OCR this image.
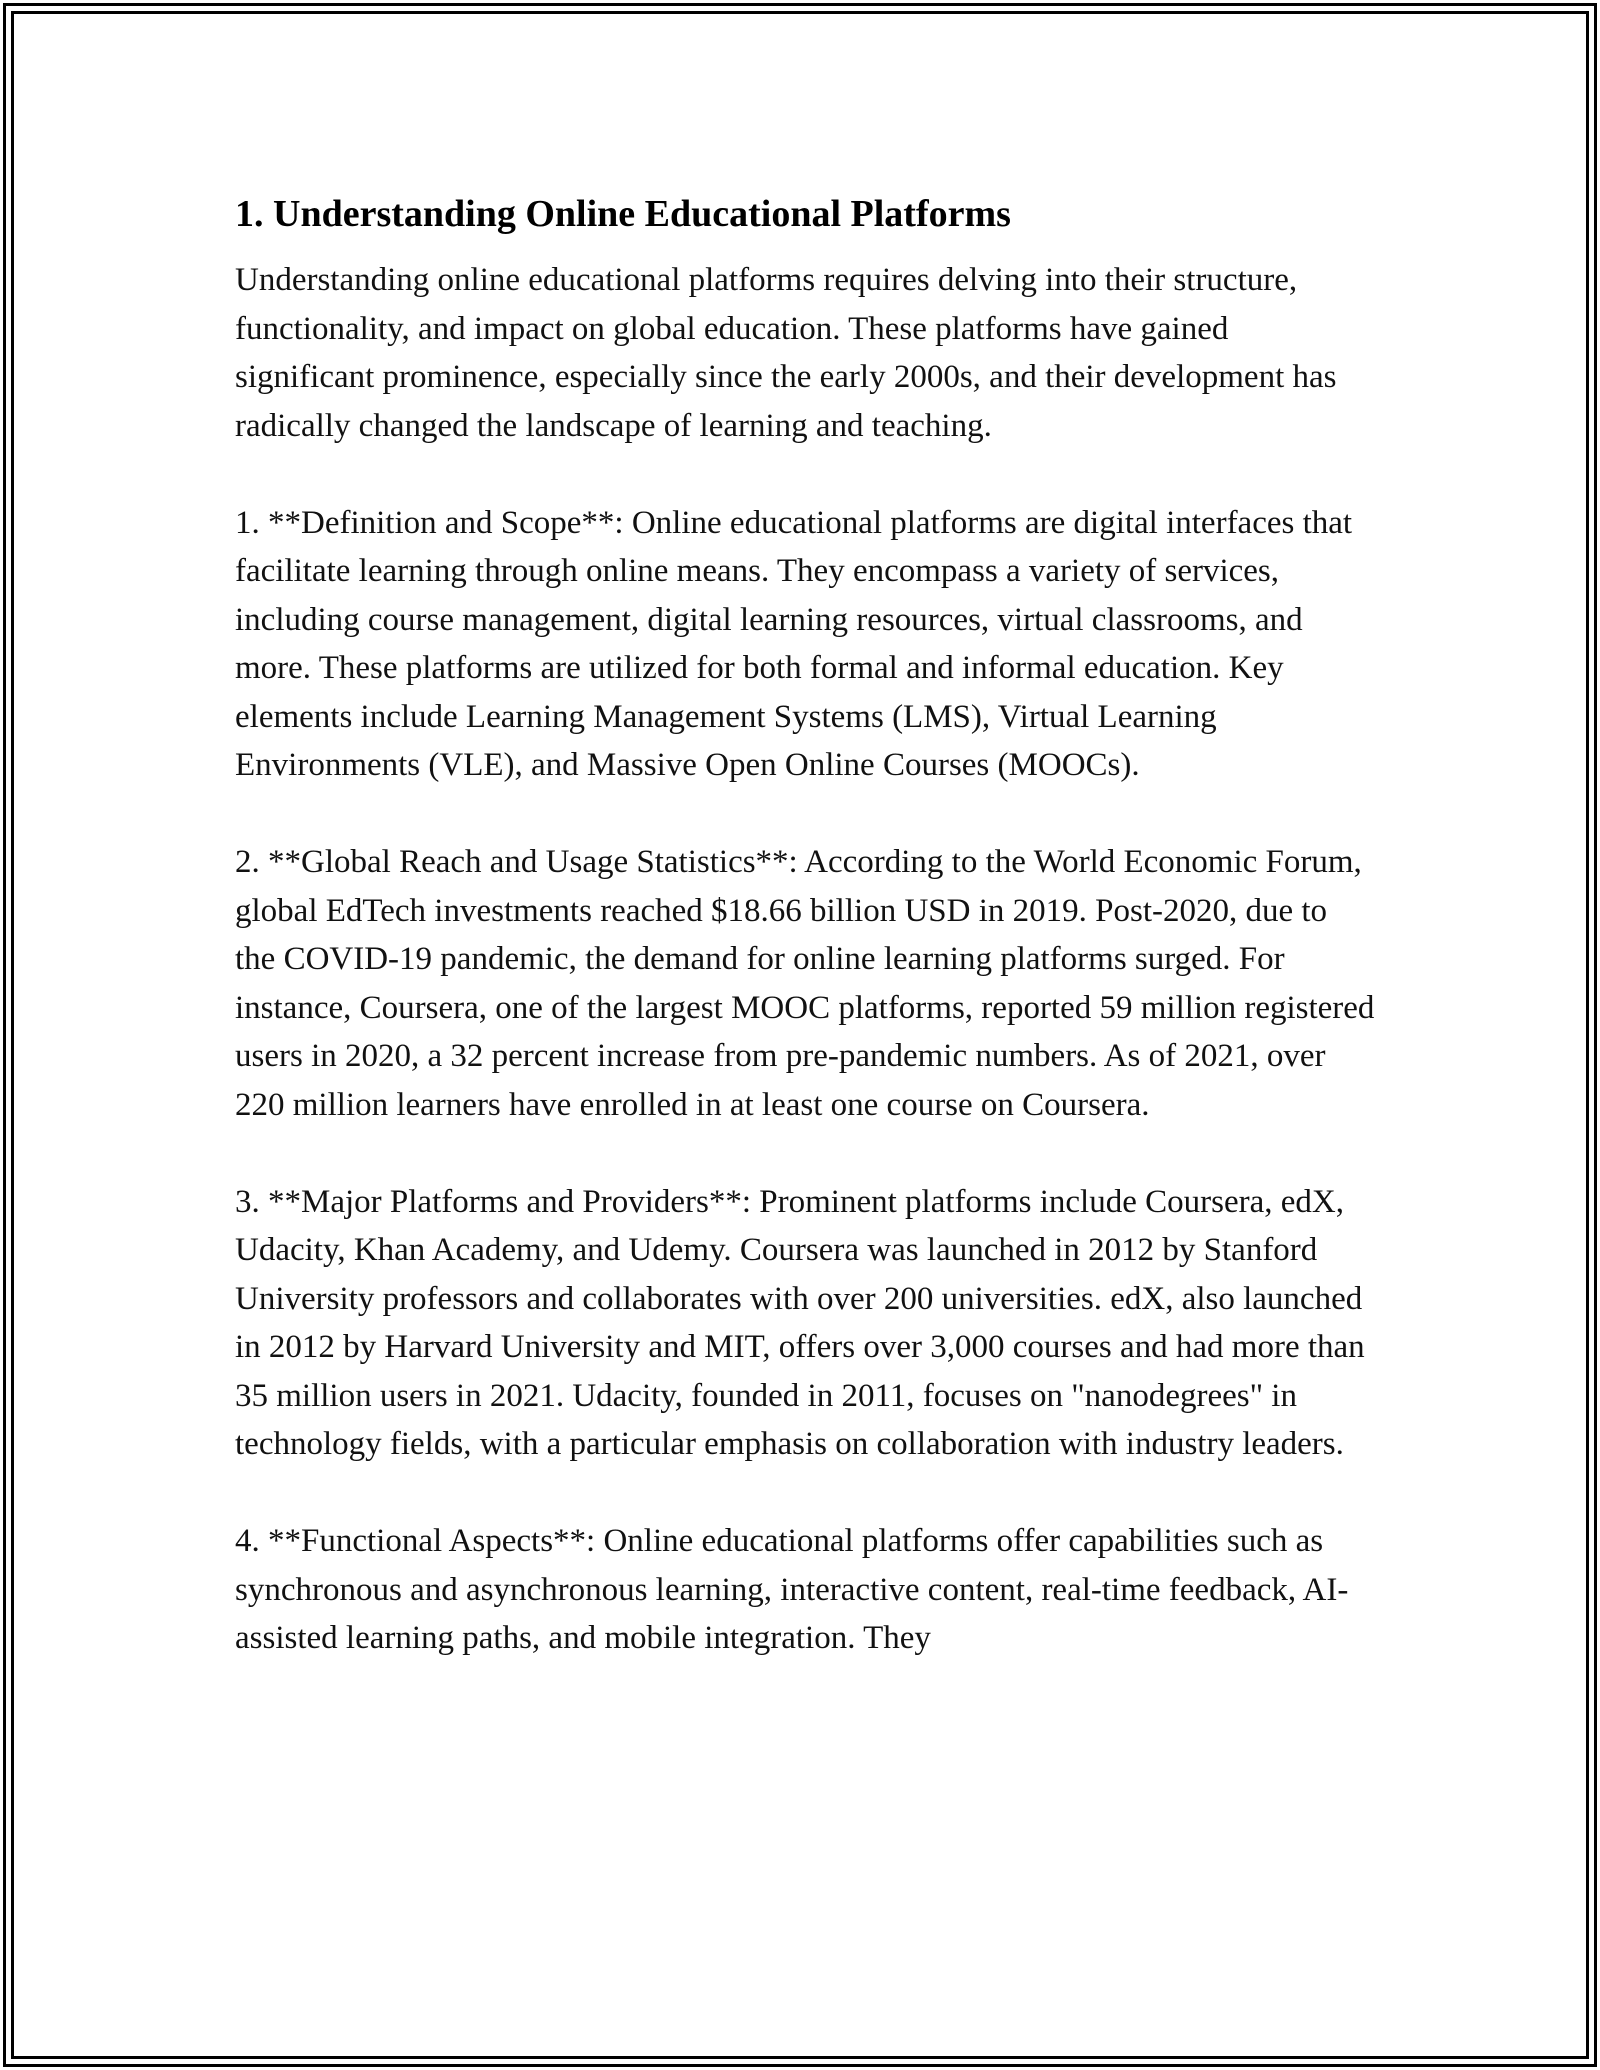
1. Understanding Online Educational Platforms

Understanding online educational platforms requires delving into their structure, functionality, and impact on global education. These platforms have gained significant prominence, especially since the early 2000s, and their development has radically changed the landscape of learning and teaching.

1. **Definition and Scope**: Online educational platforms are digital interfaces that facilitate learning through online means. They encompass a variety of services, including course management, digital learning resources, virtual classrooms, and more. These platforms are utilized for both formal and informal education. Key elements include Learning Management Systems (LMS), Virtual Learning Environments (VLE), and Massive Open Online Courses (MOOCs).

2. **Global Reach and Usage Statistics**: According to the World Economic Forum, global EdTech investments reached $18.66 billion USD in 2019. Post-2020, due to the COVID-19 pandemic, the demand for online learning platforms surged. For instance, Coursera, one of the largest MOOC platforms, reported 59 million registered users in 2020, a 32 percent increase from pre-pandemic numbers. As of 2021, over 220 million learners have enrolled in at least one course on Coursera.

3. **Major Platforms and Providers**: Prominent platforms include Coursera, edX, Udacity, Khan Academy, and Udemy. Coursera was launched in 2012 by Stanford University professors and collaborates with over 200 universities. edX, also launched in 2012 by Harvard University and MIT, offers over 3,000 courses and had more than 35 million users in 2021. Udacity, founded in 2011, focuses on "nanodegrees" in technology fields, with a particular emphasis on collaboration with industry leaders.

4. **Functional Aspects**: Online educational platforms offer capabilities such as synchronous and asynchronous learning, interactive content, real-time feedback, AI-assisted learning paths, and mobile integration. They
